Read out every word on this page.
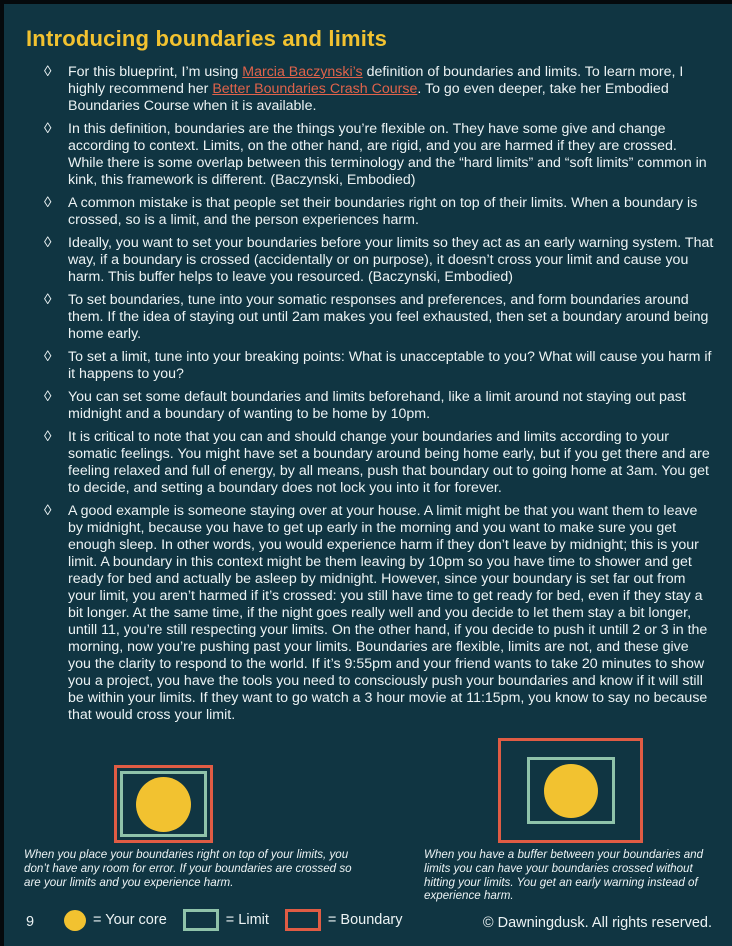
Introducing boundaries and limits
◊	For this blueprint, I’m using Marcia Baczynski’s definition of boundaries and limits. To learn more, I highly recommend her Better Boundaries Crash Course. To go even deeper, take her Embodied Boundaries Course when it is available.
◊	In this definition, boundaries are the things you’re flexible on. They have some give and change according to context. Limits, on the other hand, are rigid, and you are harmed if they are crossed. While there is some overlap between this terminology and the “hard limits” and “soft limits” common in kink, this framework is different. (Baczynski, Embodied)
◊	A common mistake is that people set their boundaries right on top of their limits. When a boundary is crossed, so is a limit, and the person experiences harm.
◊	Ideally, you want to set your boundaries before your limits so they act as an early warning system. That way, if a boundary is crossed (accidentally or on purpose), it doesn’t cross your limit and cause you harm. This buffer helps to leave you resourced. (Baczynski, Embodied)
◊	To set boundaries, tune into your somatic responses and preferences, and form boundaries around them. If the idea of staying out until 2am makes you feel exhausted, then set a boundary around being home early.
◊	To set a limit, tune into your breaking points: What is unacceptable to you? What will cause you harm if it happens to you?
◊	You can set some default boundaries and limits beforehand, like a limit around not staying out past midnight and a boundary of wanting to be home by 10pm.
◊	It is critical to note that you can and should change your boundaries and limits according to your somatic feelings. You might have set a boundary around being home early, but if you get there and are feeling relaxed and full of energy, by all means, push that boundary out to going home at 3am. You get to decide, and setting a boundary does not lock you into it for forever.
◊	A good example is someone staying over at your house. A limit might be that you want them to leave by midnight, because you have to get up early in the morning and you want to make sure you get enough sleep. In other words, you would experience harm if they don’t leave by midnight; this is your limit. A boundary in this context might be them leaving by 10pm so you have time to shower and get ready for bed and actually be asleep by midnight. However, since your boundary is set far out from your limit, you aren’t harmed if it’s crossed: you still have time to get ready for bed, even if they stay a bit longer. At the same time, if the night goes really well and you decide to let them stay a bit longer, untill 11, you’re still respecting your limits. On the other hand, if you decide to push it untill 2 or 3 in the morning, now you’re pushing past your limits. Boundaries are flexible, limits are not, and these give you the clarity to respond to the world. If it’s 9:55pm and your friend wants to take 20 minutes to show you a project, you have the tools you need to consciously push your boundaries and know if it will still be within your limits. If they want to go watch a 3 hour movie at 11:15pm, you know to say no because that would cross your limit.
When you place your boundaries right on top of your limits, you don’t have any room for error. If your boundaries are crossed so are your limits and you experience harm.
When you have a buffer between your boundaries and limits you can have your boundaries crossed without hitting your limits. You get an early warning instead of experience harm.
9	= Your core	= Limit	= Boundary	© Dawningdusk. All rights reserved.
